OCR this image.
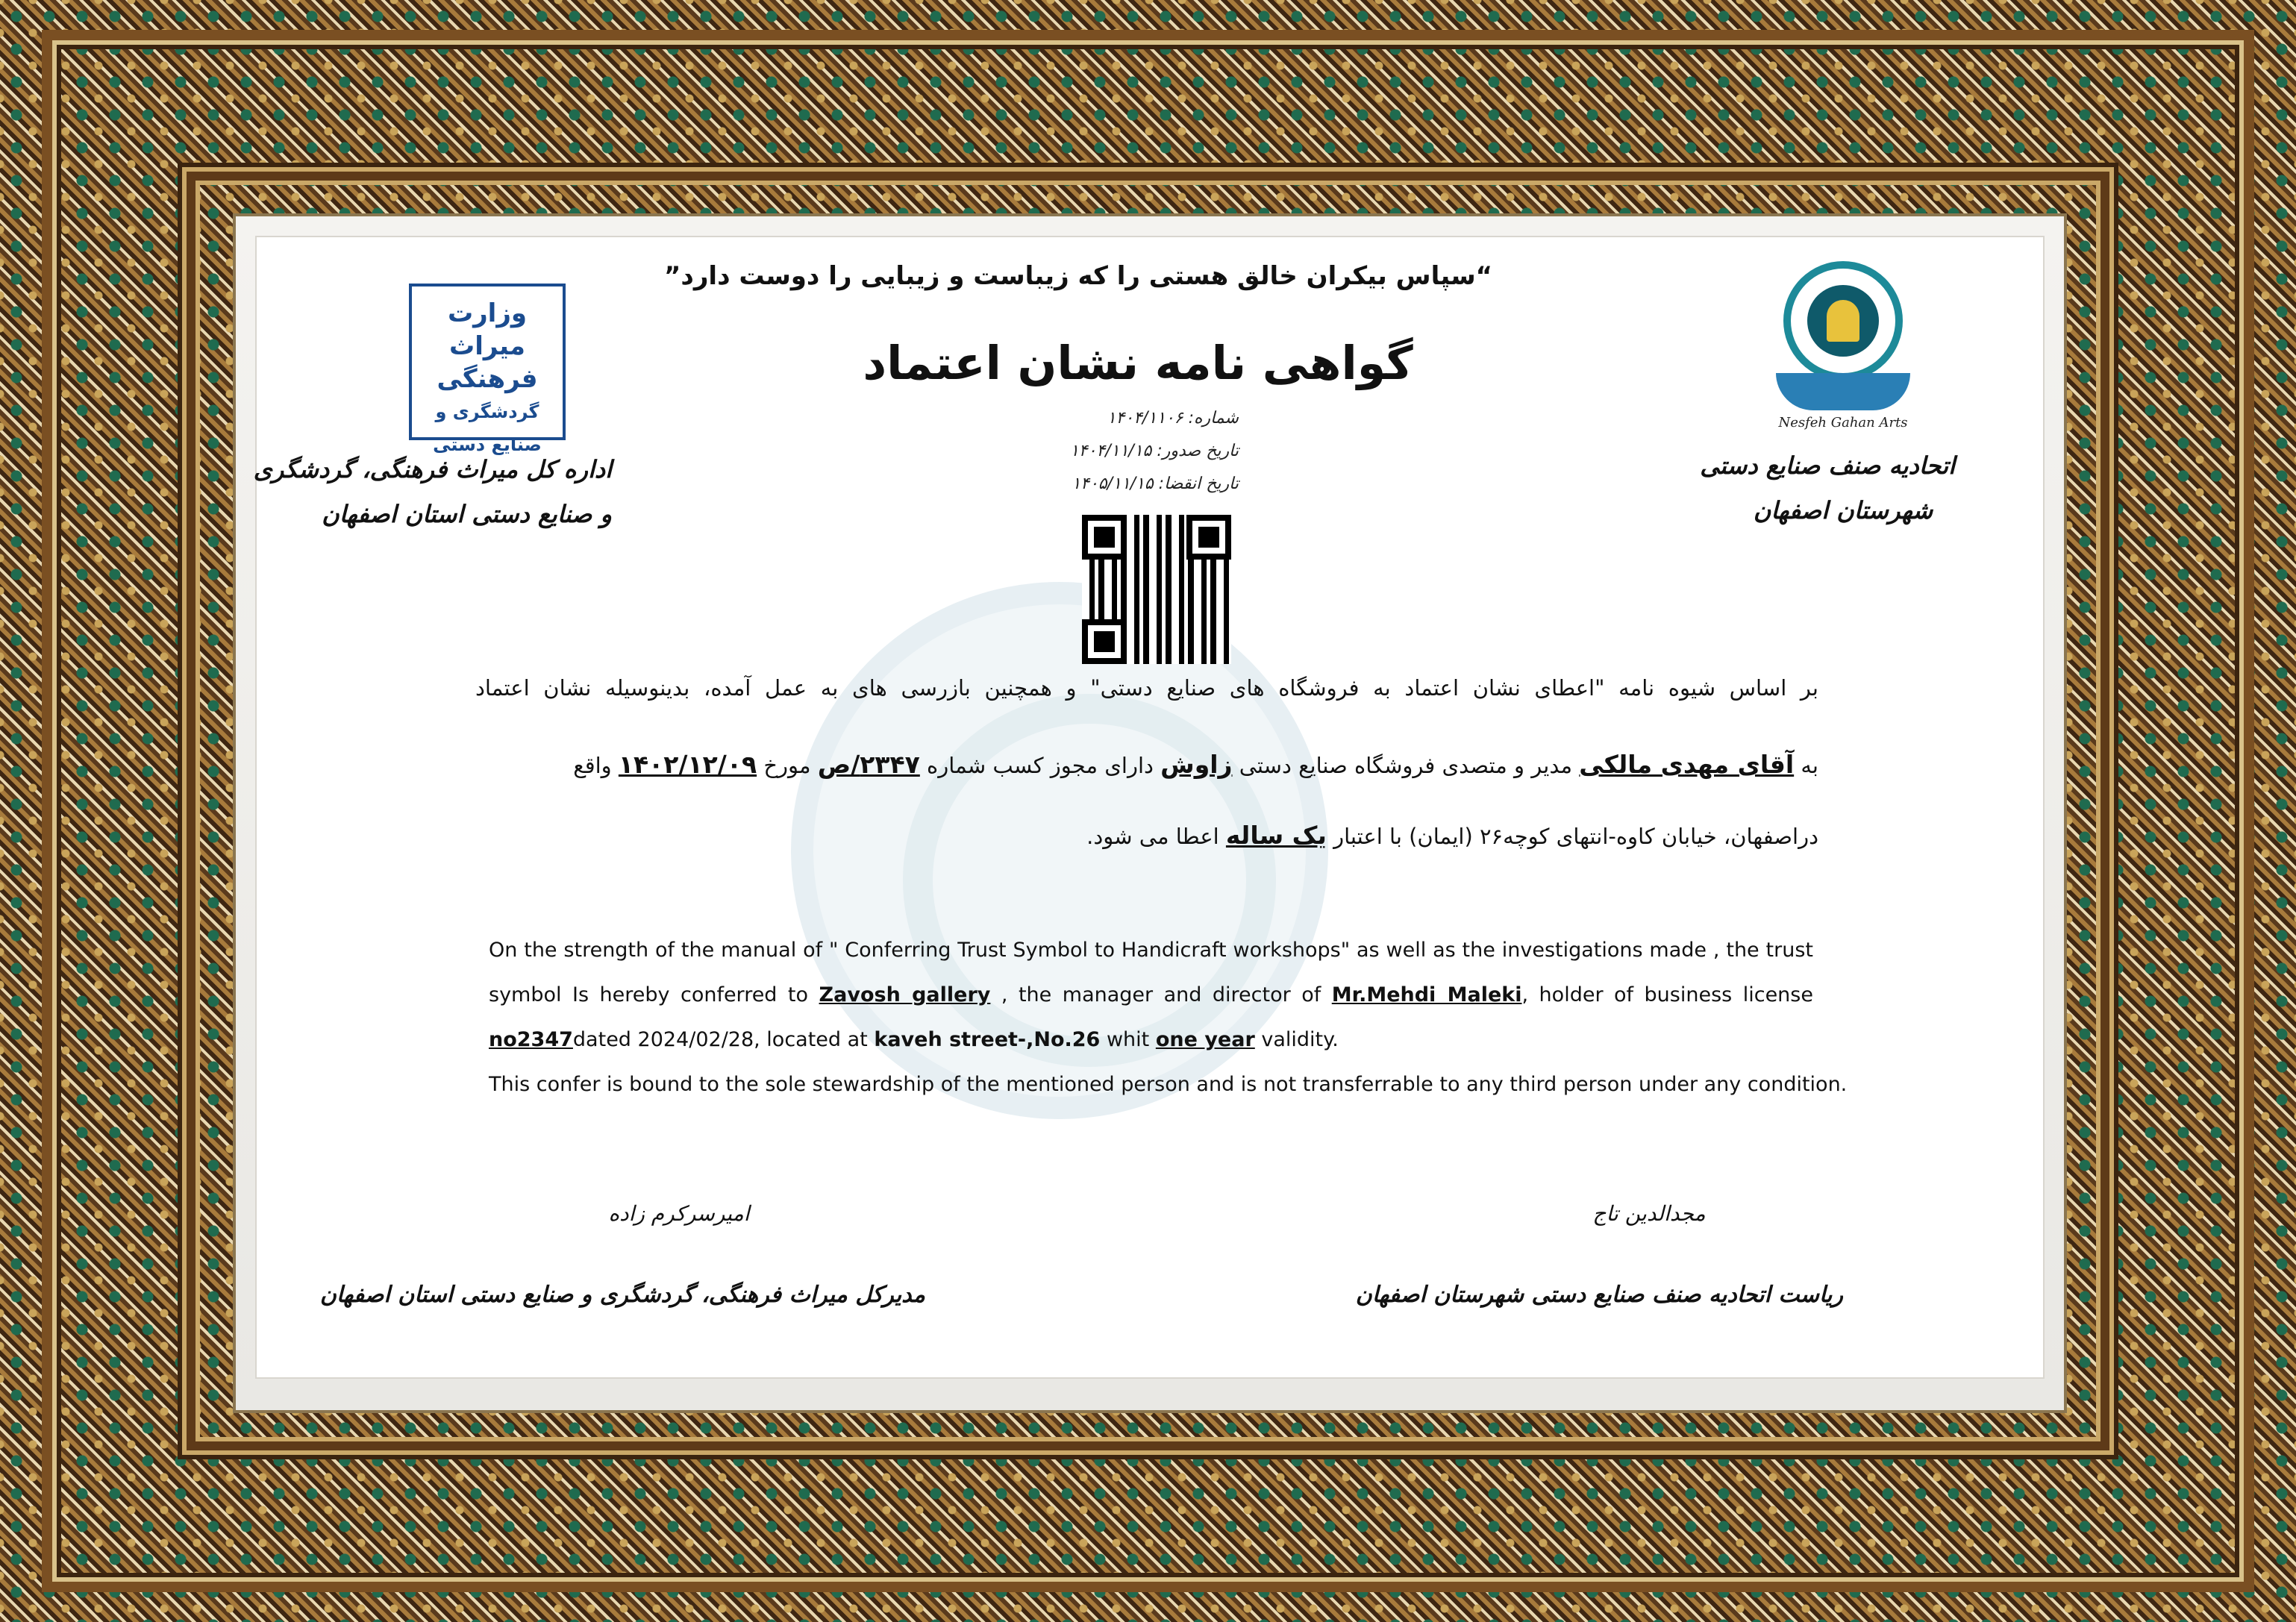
“سپاس بیکران خالق هستی را که زیباست و زیبایی را دوست دارد”
گواهی نامه نشان اعتماد
شماره: ۱۴۰۴/۱۱۰۶
تاریخ صدور: ۱۴۰۴/۱۱/۱۵
تاریخ انقضا: ۱۴۰۵/۱۱/۱۵
وزارت
میراث فرهنگی
گردشگری و صنایع دستی
اداره کل میراث فرهنگی، گردشگری
و صنایع دستی استان اصفهان
Nesfeh Gahan Arts
اتحادیه صنف صنایع دستی
شهرستان اصفهان
بر اساس شیوه نامه "اعطای نشان اعتماد به فروشگاه های صنایع دستی" و همچنین بازرسی های به عمل آمده، بدینوسیله نشان اعتماد
به آقای مهدی مالکی مدیر و متصدی فروشگاه صنایع دستی زاوش دارای مجوز کسب شماره ۲۳۴۷/ص مورخ ۱۴۰۲/۱۲/۰۹ واقع
دراصفهان، خیابان کاوه-انتهای کوچه۲۶ (ایمان) با اعتبار یک ساله اعطا می شود.
On the strength of the manual of " Conferring Trust Symbol to Handicraft workshops" as well as the investigations made , the trust
symbol Is hereby conferred to Zavosh gallery , the manager and director of Mr.Mehdi Maleki, holder of business license
no2347dated 2024/02/28, located at kaveh street-,No.26 whit one year validity.
This confer is bound to the sole stewardship of the mentioned person and is not transferrable to any third person under any condition.
امیرسرکرم زاده
مدیرکل میراث فرهنگی، گردشگری و صنایع دستی استان اصفهان
مجدالدین تاج
ریاست اتحادیه صنف صنایع دستی شهرستان اصفهان
